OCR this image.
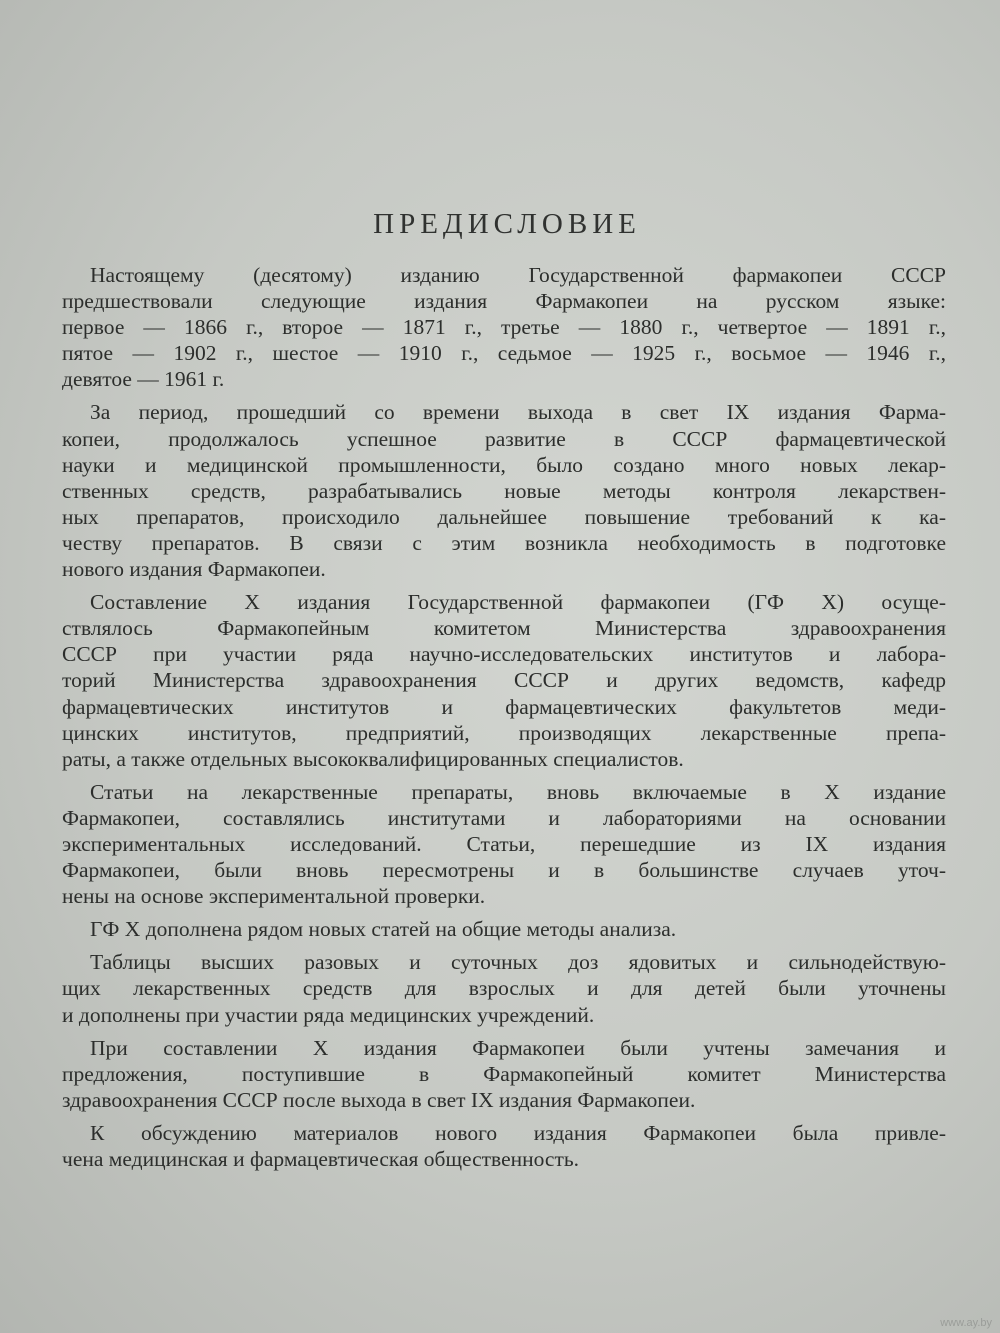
ПРЕДИСЛОВИЕ
Настоящему (десятому) изданию Государственной фармакопеи СССР
предшествовали следующие издания Фармакопеи на русском языке:
первое — 1866 г., второе — 1871 г., третье — 1880 г., четвертое — 1891 г.,
пятое — 1902 г., шестое — 1910 г., седьмое — 1925 г., восьмое — 1946 г.,
девятое — 1961 г.
За период, прошедший со времени выхода в свет IX издания Фарма-
копеи, продолжалось успешное развитие в СССР фармацевтической
науки и медицинской промышленности, было создано много новых лекар-
ственных средств, разрабатывались новые методы контроля лекарствен-
ных препаратов, происходило дальнейшее повышение требований к ка-
честву препаратов. В связи с этим возникла необходимость в подготовке
нового издания Фармакопеи.
Составление X издания Государственной фармакопеи (ГФ X) осуще-
ствлялось Фармакопейным комитетом Министерства здравоохранения
СССР при участии ряда научно-исследовательских институтов и лабора-
торий Министерства здравоохранения СССР и других ведомств, кафедр
фармацевтических институтов и фармацевтических факультетов меди-
цинских институтов, предприятий, производящих лекарственные препа-
раты, а также отдельных высококвалифицированных специалистов.
Статьи на лекарственные препараты, вновь включаемые в X издание
Фармакопеи, составлялись институтами и лабораториями на основании
экспериментальных исследований. Статьи, перешедшие из IX издания
Фармакопеи, были вновь пересмотрены и в большинстве случаев уточ-
нены на основе экспериментальной проверки.
ГФ X дополнена рядом новых статей на общие методы анализа.
Таблицы высших разовых и суточных доз ядовитых и сильнодействую-
щих лекарственных средств для взрослых и для детей были уточнены
и дополнены при участии ряда медицинских учреждений.
При составлении X издания Фармакопеи были учтены замечания и
предложения, поступившие в Фармакопейный комитет Министерства
здравоохранения СССР после выхода в свет IX издания Фармакопеи.
К обсуждению материалов нового издания Фармакопеи была привле-
чена медицинская и фармацевтическая общественность.
www.ay.by
